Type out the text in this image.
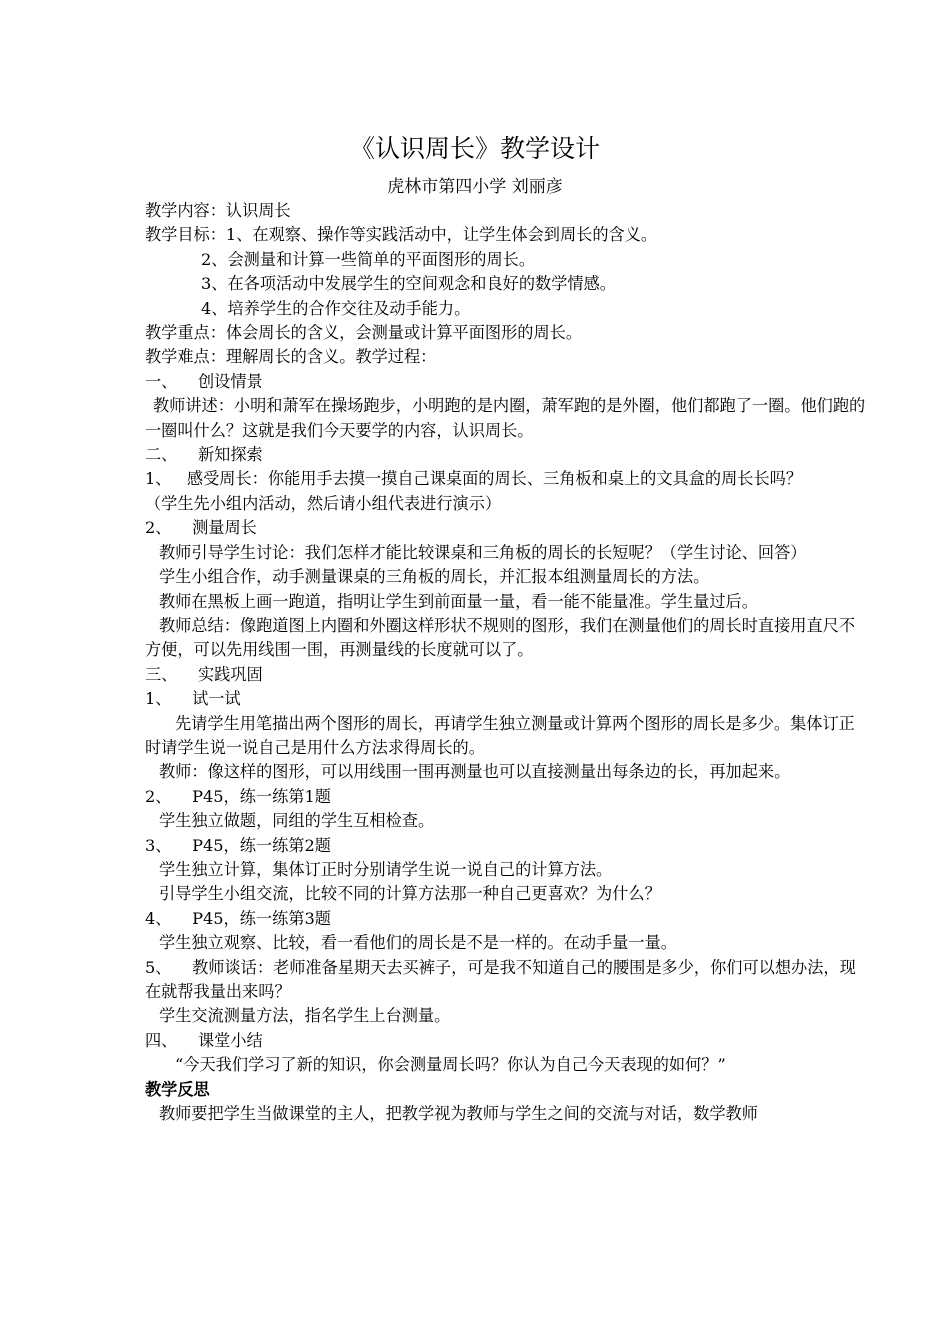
《认识周长》教学设计
虎林市第四小学 刘丽彦

教学内容：认识周长

教学目标：1、在观察、操作等实践活动中，让学生体会到周长的含义。

2、会测量和计算一些简单的平面图形的周长。

3、在各项活动中发展学生的空间观念和良好的数学情感。

4、培养学生的合作交往及动手能力。

教学重点：体会周长的含义，会测量或计算平面图形的周长。

教学难点：理解周长的含义。教学过程：

一、    创设情景

教师讲述：小明和萧军在操场跑步，小明跑的是内圈，萧军跑的是外圈，他们都跑了一圈。他们跑的一圈叫什么？这就是我们今天要学的内容，认识周长。

二、    新知探索

1、   感受周长：你能用手去摸一摸自己课桌面的周长、三角板和桌上的文具盒的周长长吗？

（学生先小组内活动，然后请小组代表进行演示）

2、    测量周长

教师引导学生讨论：我们怎样才能比较课桌和三角板的周长的长短呢？（学生讨论、回答）

学生小组合作，动手测量课桌的三角板的周长，并汇报本组测量周长的方法。

教师在黑板上画一跑道，指明让学生到前面量一量，看一能不能量准。学生量过后。

教师总结：像跑道图上内圈和外圈这样形状不规则的图形，我们在测量他们的周长时直接用直尺不方便，可以先用线围一围，再测量线的长度就可以了。

三、    实践巩固

1、    试一试

先请学生用笔描出两个图形的周长，再请学生独立测量或计算两个图形的周长是多少。集体订正时请学生说一说自己是用什么方法求得周长的。

教师：像这样的图形，可以用线围一围再测量也可以直接测量出每条边的长，再加起来。

2、    P45，练一练第1题

学生独立做题，同组的学生互相检查。

3、    P45，练一练第2题

学生独立计算，集体订正时分别请学生说一说自己的计算方法。

引导学生小组交流，比较不同的计算方法那一种自己更喜欢？为什么？

4、    P45，练一练第3题

学生独立观察、比较，看一看他们的周长是不是一样的。在动手量一量。

5、    教师谈话：老师准备星期天去买裤子，可是我不知道自己的腰围是多少，你们可以想办法，现在就帮我量出来吗？

学生交流测量方法，指名学生上台测量。

四、    课堂小结

“今天我们学习了新的知识，你会测量周长吗？你认为自己今天表现的如何？”

教学反思

教师要把学生当做课堂的主人，把教学视为教师与学生之间的交流与对话，数学教师
